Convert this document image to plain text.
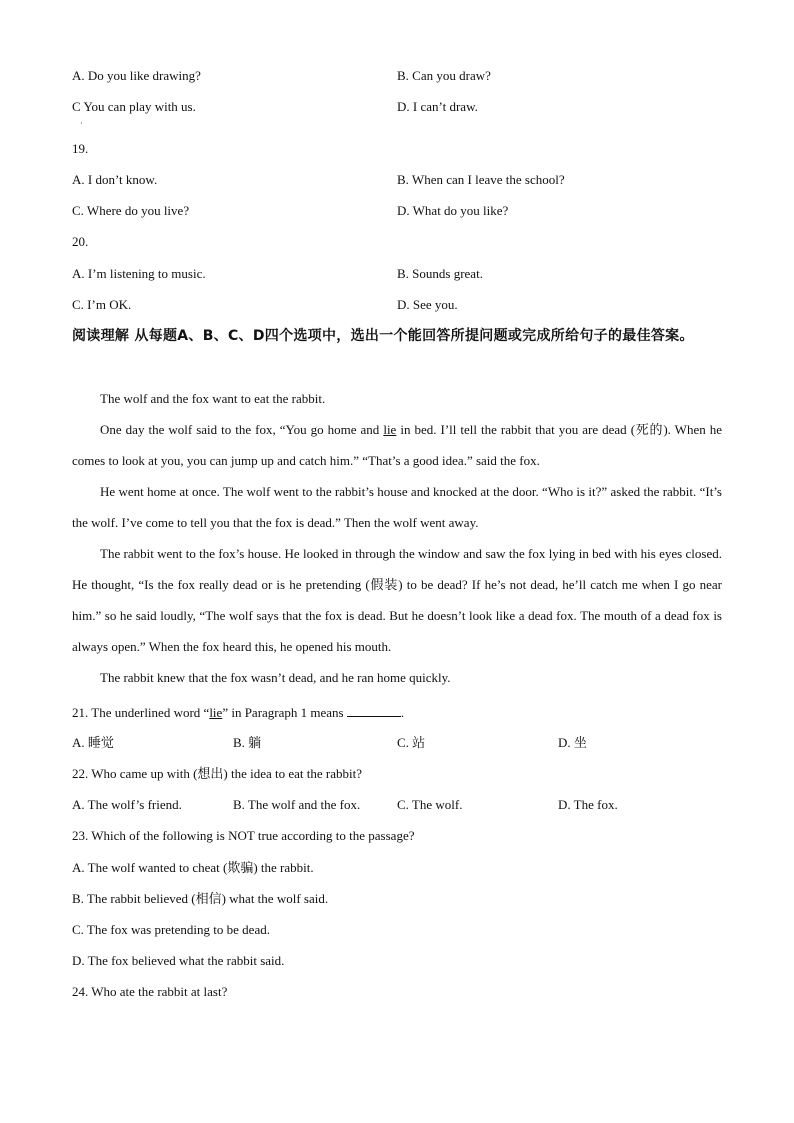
A. Do you like drawing?	B. Can you draw?
C You can play with us.	D. I can’t draw.
·
19.
A. I don’t know.	B. When can I leave the school?
C. Where do you live?	D. What do you like?
20.
A. I’m listening to music.	B. Sounds great.
C. I’m OK.	D. See you.
阅读理解 从每题A、B、C、D四个选项中，选出一个能回答所提问题或完成所给句子的最佳答案。
The wolf and the fox want to eat the rabbit.
One day the wolf said to the fox, “You go home and lie in bed. I’ll tell the rabbit that you are dead (死的). When he comes to look at you, you can jump up and catch him.” “That’s a good idea.” said the fox.
He went home at once. The wolf went to the rabbit’s house and knocked at the door. “Who is it?” asked the rabbit. “It’s the wolf. I’ve come to tell you that the fox is dead.” Then the wolf went away.
The rabbit went to the fox’s house. He looked in through the window and saw the fox lying in bed with his eyes closed. He thought, “Is the fox really dead or is he pretending (假装) to be dead? If he’s not dead, he’ll catch me when I go near him.” so he said loudly, “The wolf says that the fox is dead. But he doesn’t look like a dead fox. The mouth of a dead fox is always open.” When the fox heard this, he opened his mouth.
The rabbit knew that the fox wasn’t dead, and he ran home quickly.
21. The underlined word “lie” in Paragraph 1 means	.
A. 睡觉	B. 躺	C. 站	D. 坐
22. Who came up with (想出) the idea to eat the rabbit?
A. The wolf’s friend.	B. The wolf and the fox.	C. The wolf.	D. The fox.
23. Which of the following is NOT true according to the passage?
A. The wolf wanted to cheat (欺骗) the rabbit.
B. The rabbit believed (相信) what the wolf said.
C. The fox was pretending to be dead.
D. The fox believed what the rabbit said.
24. Who ate the rabbit at last?
